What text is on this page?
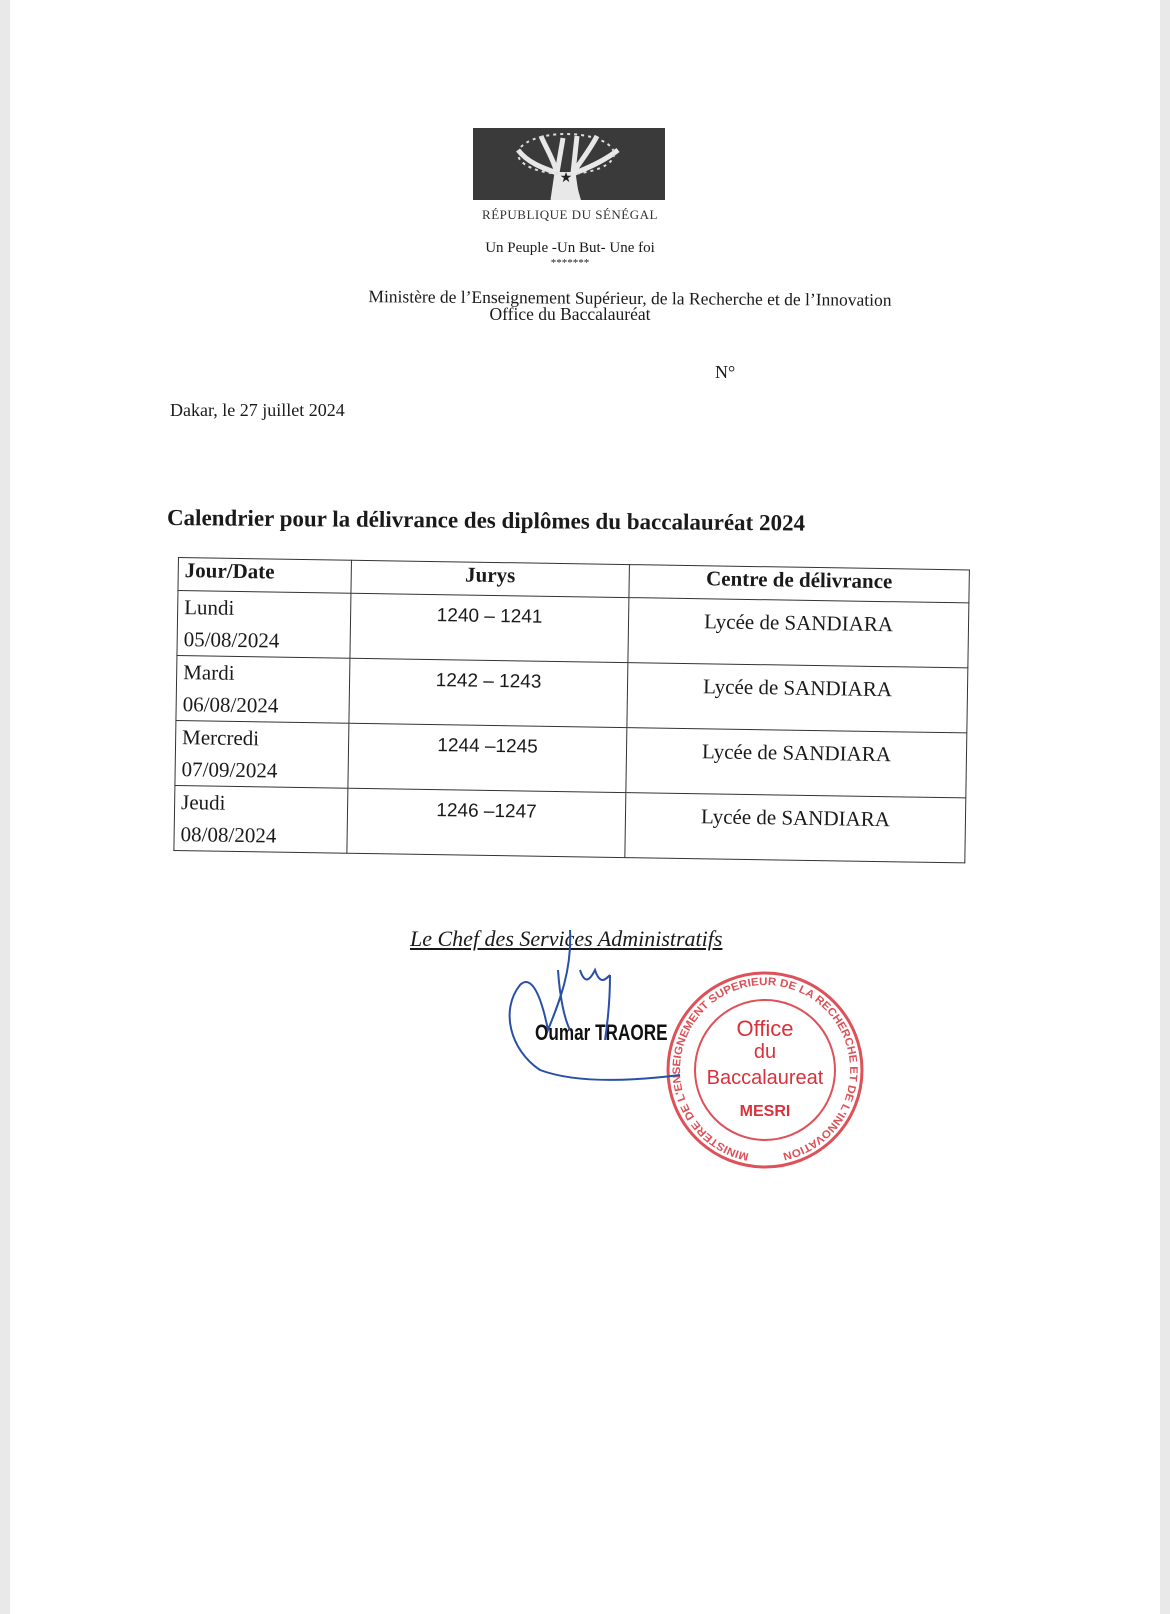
★
RÉPUBLIQUE DU SÉNÉGAL
Un Peuple -Un But- Une foi
*******
Ministère de l’Enseignement Supérieur, de la Recherche et de l’Innovation
Office du Baccalauréat
N°
Dakar, le 27 juillet 2024
Calendrier pour la délivrance des diplômes du baccalauréat 2024
Jour/Date	Jurys	Centre de délivrance
Lundi
05/08/2024	1240 – 1241	Lycée de SANDIARA
Mardi
06/08/2024	1242 – 1243	Lycée de SANDIARA
Mercredi
07/09/2024	1244 –1245	Lycée de SANDIARA
Jeudi
08/08/2024	1246 –1247	Lycée de SANDIARA
Le Chef des Services Administratifs
MINISTERE DE L'ENSEIGNEMENT SUPERIEUR DE LA RECHERCHE ET DE L'INNOVATION
Office
du
Baccalaureat
MESRI
Oumar TRAORE
